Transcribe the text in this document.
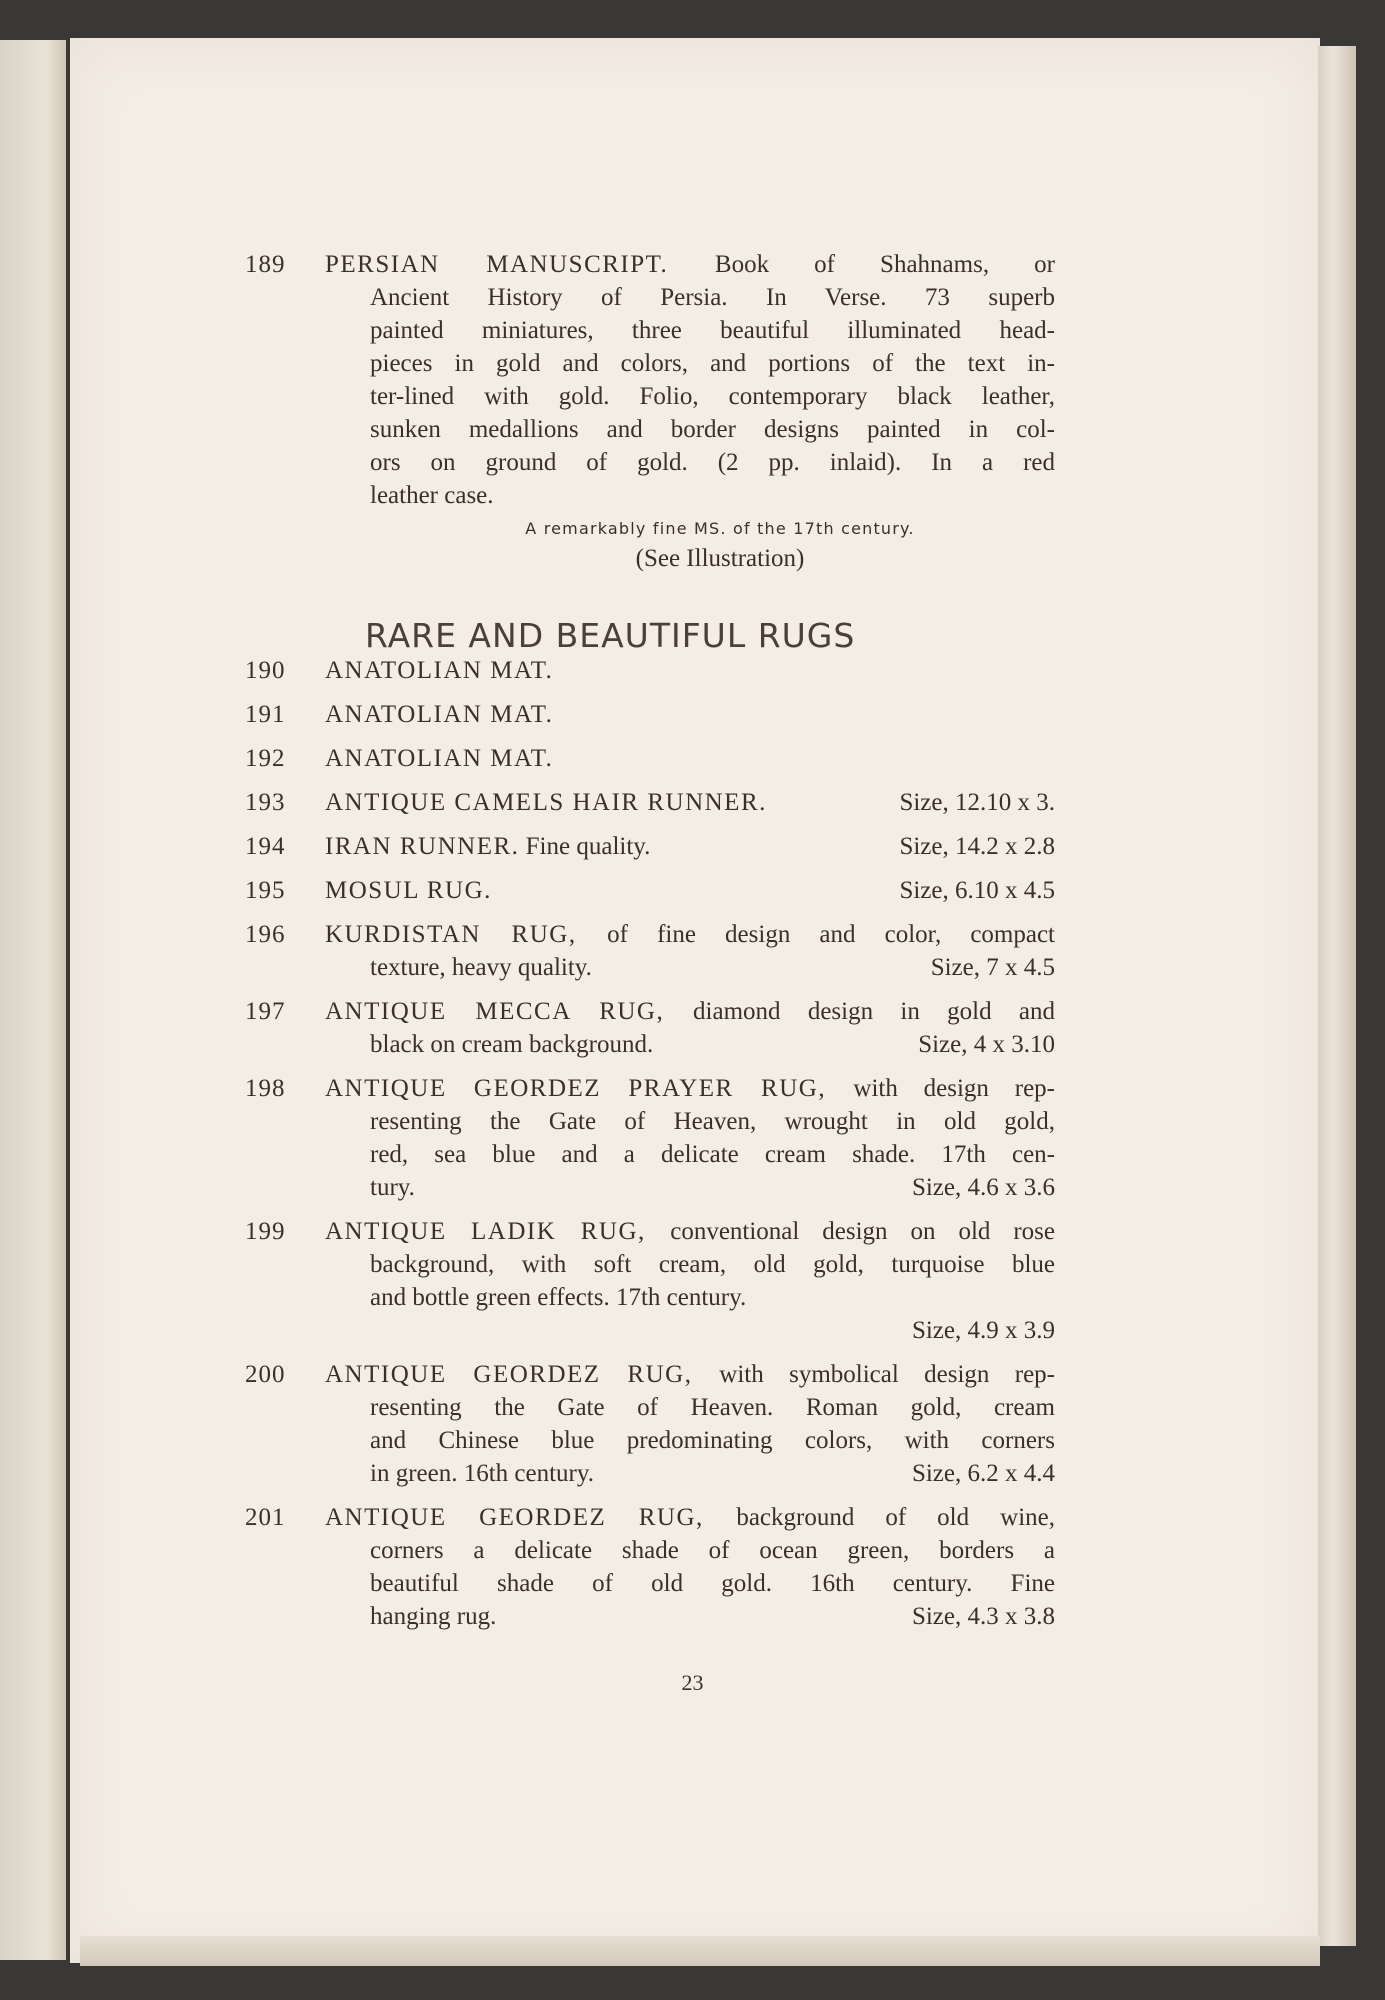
189	PERSIAN MANUSCRIPT. Book of Shahnams, or
Ancient History of Persia. In Verse. 73 superb
painted miniatures, three beautiful illuminated head-
pieces in gold and colors, and portions of the text in-
ter-lined with gold. Folio, contemporary black leather,
sunken medallions and border designs painted in col-
ors on ground of gold. (2 pp. inlaid). In a red
leather case.
A remarkably fine MS. of the 17th century.
(See Illustration)
RARE AND BEAUTIFUL RUGS
190	ANATOLIAN MAT.
191	ANATOLIAN MAT.
192	ANATOLIAN MAT.
193	ANTIQUE CAMELS HAIR RUNNER.	Size, 12.10 x 3.
194	IRAN RUNNER. Fine quality.	Size, 14.2 x 2.8
195	MOSUL RUG.	Size, 6.10 x 4.5
196	KURDISTAN RUG, of fine design and color, compact
texture, heavy quality.	Size, 7 x 4.5
197	ANTIQUE MECCA RUG, diamond design in gold and
black on cream background.	Size, 4 x 3.10
198	ANTIQUE GEORDEZ PRAYER RUG, with design rep-
resenting the Gate of Heaven, wrought in old gold,
red, sea blue and a delicate cream shade. 17th cen-
tury.	Size, 4.6 x 3.6
199	ANTIQUE LADIK RUG, conventional design on old rose
background, with soft cream, old gold, turquoise blue
and bottle green effects. 17th century.
Size, 4.9 x 3.9
200	ANTIQUE GEORDEZ RUG, with symbolical design rep-
resenting the Gate of Heaven. Roman gold, cream
and Chinese blue predominating colors, with corners
in green. 16th century.	Size, 6.2 x 4.4
201	ANTIQUE GEORDEZ RUG, background of old wine,
corners a delicate shade of ocean green, borders a
beautiful shade of old gold. 16th century. Fine
hanging rug.	Size, 4.3 x 3.8
23
